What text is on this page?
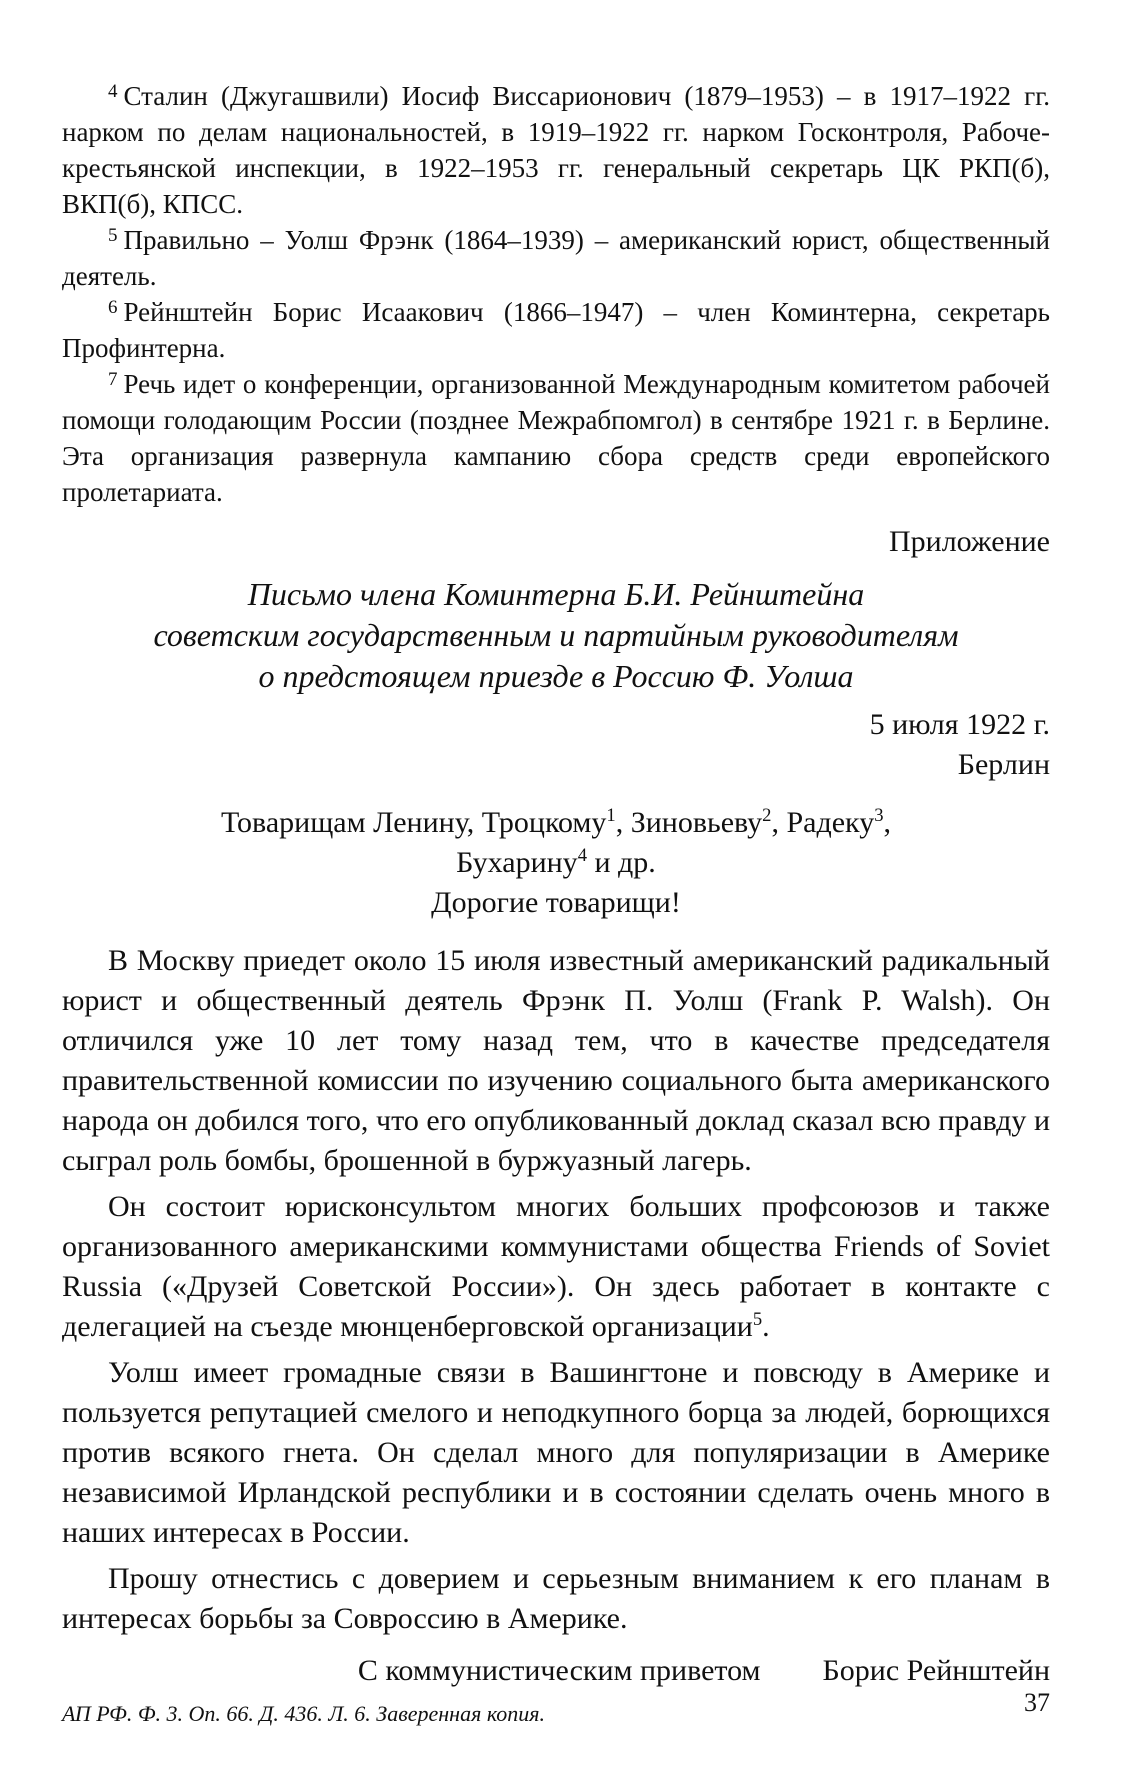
$^4$ Сталин (Джугашвили) Иосиф Виссарионович (1879–1953) – в 1917–1922 гг. нарком по делам национальностей, в 1919–1922 гг. нарком Госконтроля, Рабоче-крестьянской инспекции, в 1922–1953 гг. генеральный секретарь ЦК РКП(б), ВКП(б), КПСС.

$^5$ Правильно – Уолш Фрэнк (1864–1939) – американский юрист, общественный деятель.

$^6$ Рейнштейн Борис Исаакович (1866–1947) – член Коминтерна, секретарь Профинтерна.

$^7$ Речь идет о конференции, организованной Международным комитетом рабочей помощи голодающим России (позднее Межрабпомгол) в сентябре 1921 г. в Берлине. Эта организация развернула кампанию сбора средств среди европейского пролетариата.

Приложение

Письмо члена Коминтерна Б.И. Рейнштейна

советским государственным и партийным руководителям

о предстоящем приезде в Россию Ф. Уолша

5 июля 1922 г.

Берлин

Товарищам Ленину, Троцкому$^1$, Зиновьеву$^2$, Радеку$^3$,

Бухарину$^4$ и др.

Дорогие товарищи!

В Москву приедет около 15 июля известный американский радикальный юрист и общественный деятель Фрэнк П. Уолш (Frank P. Walsh). Он отличился уже 10 лет тому назад тем, что в качестве председателя правительственной комиссии по изучению социального быта американского народа он добился того, что его опубликованный доклад сказал всю правду и сыграл роль бомбы, брошенной в буржуазный лагерь.

Он состоит юрисконсультом многих больших профсоюзов и также организованного американскими коммунистами общества Friends of Soviet Russia («Друзей Советской России»). Он здесь работает в контакте с делегацией на съезде мюнценберговской организации$^5$.

Уолш имеет громадные связи в Вашингтоне и повсюду в Америке и пользуется репутацией смелого и неподкупного борца за людей, борющихся против всякого гнета. Он сделал много для популяризации в Америке независимой Ирландской республики и в состоянии сделать очень много в наших интересах в России.

Прошу отнестись с доверием и серьезным вниманием к его планам в интересах борьбы за Совроссию в Америке.

С коммунистическим приветом Борис Рейнштейн

АП РФ. Ф. 3. Оп. 66. Д. 436. Л. 6. Заверенная копия.	37
